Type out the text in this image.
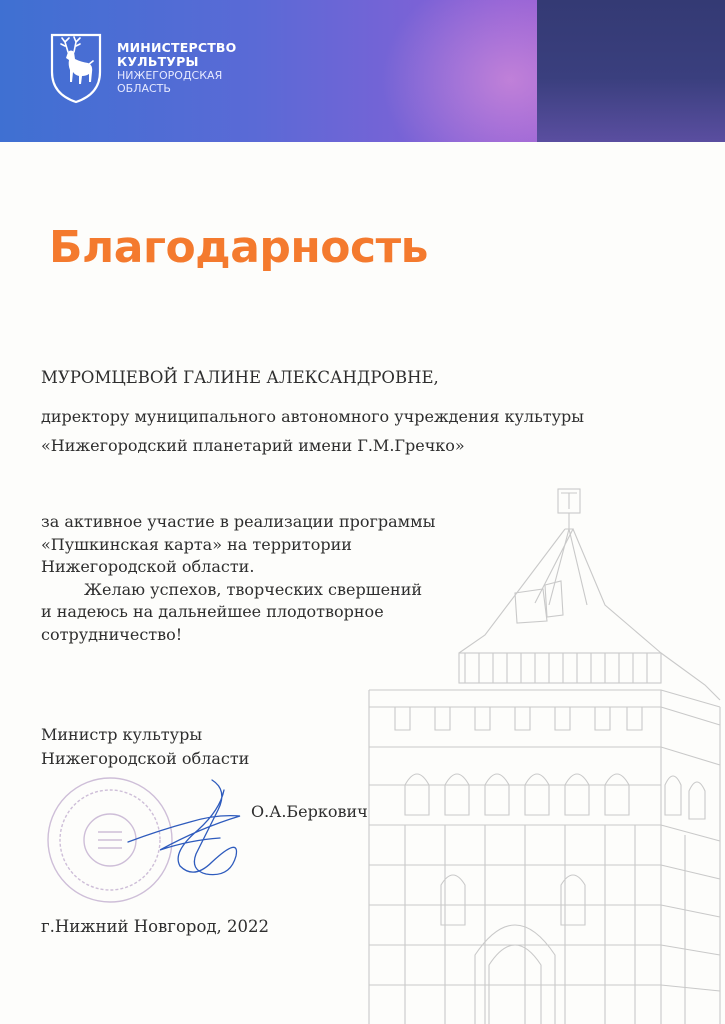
МИНИСТЕРСТВО
КУЛЬТУРЫ
НИЖЕГОРОДСКАЯ
ОБЛАСТЬ
Благодарность
МУРОМЦЕВОЙ ГАЛИНЕ АЛЕКСАНДРОВНЕ,
директору муниципального автономного учреждения культуры
«Нижегородский планетарий имени Г.М.Гречко»
за активное участие в реализации программы
«Пушкинская карта» на территории
Нижегородской области.
Желаю успехов, творческих свершений
и надеюсь на дальнейшее плодотворное
сотрудничество!
Министр культуры
Нижегородской области
О.А.Беркович
г.Нижний Новгород, 2022
